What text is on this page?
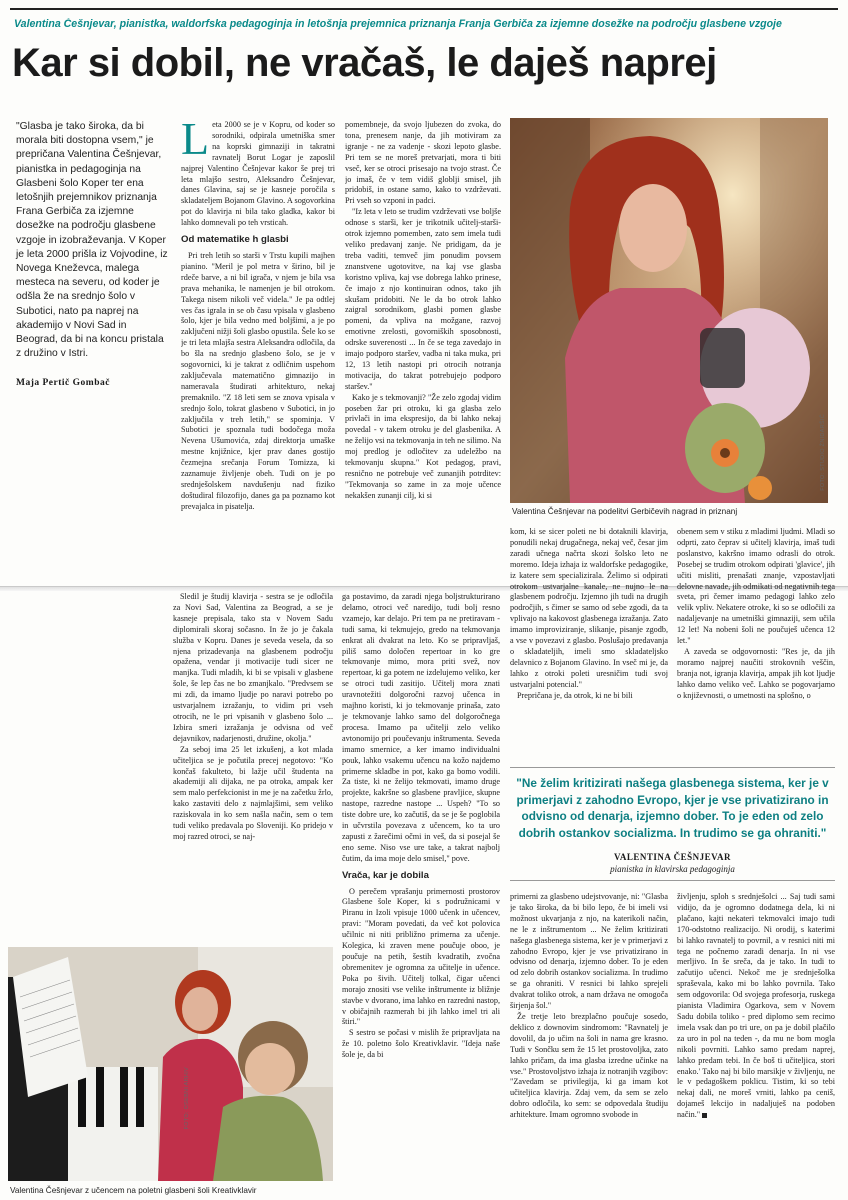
Valentina Češnjevar, pianistka, waldorfska pedagoginja in letošnja prejemnica priznanja Franja Gerbiča za izjemne dosežke na področju glasbene vzgoje
Kar si dobil, ne vračaš, le daješ naprej
"Glasba je tako široka, da bi morala biti dostopna vsem," je prepričana Valentina Češnjevar, pianistka in pedagoginja na Glasbeni šolo Koper ter ena letošnjih prejemnikov priznanja Frana Gerbiča za izjemne dosežke na področju glasbene vzgoje in izobraževanja. V Koper je leta 2000 prišla iz Vojvodine, iz Novega Kneževca, malega mesteca na severu, od koder je odšla že na srednjo šolo v Subotici, nato pa naprej na akademijo v Novi Sad in Beograd, da bi na koncu pristala z družino v Istri.
Maja Pertič Gombač

Leta 2000 se je v Kopru, od koder so sorodniki, odpirala umetniška smer na koprski gimnaziji in takratni ravnatelj Borut Logar je zaposlil najprej Valentino Češnjevar kakor še prej tri leta mlajšo sestro, Aleksandro Češnjevar, danes Glavina, saj se je kasneje poročila s skladateljem Bojanom Glavino. A sogovorkina pot do klavirja ni bila tako gladka, kakor bi lahko domnevali po teh vrsticah.

Od matematike h glasbi

Pri treh letih so starši v Trstu kupili majhen pianino. "Meril je pol metra v širino, bil je rdeče barve, a ni bil igrača, v njem je bila vsa prava mehanika, le namenjen je bil otrokom. Takega nisem nikoli več videla." Je pa odtlej ves čas igrala in se ob času vpisala v glasbeno šolo, kjer je bila vedno med boljšimi, a je po zaključeni nižji šoli glasbo opustila. Šele ko se je tri leta mlajša sestra Aleksandra odločila, da bo šla na srednjo glasbeno šolo, se je v sogovornici, ki je takrat z odličnim uspehom zaključevala matematično gimnazijo in nameravala študirati arhitekturo, nekaj premaknilo. "Z 18 leti sem se znova vpisala v srednjo šolo, tokrat glasbeno v Subotici, in jo zaključila v treh letih," se spominja. V Subotici je spoznala tudi bodočega moža Nevena Ušumovića, zdaj direktorja umaške mestne knjižnice, kjer prav danes gostijo čezmejna srečanja Forum Tomizza, ki zaznamuje življenje obeh. Tudi on je po srednješolskem navdušenju nad fiziko doštudiral filozofijo, danes ga pa poznamo kot prevajalca in pisatelja.

pomembneje, da svojo ljubezen do zvoka, do tona, prenesem nanje, da jih motiviram za igranje - ne za vadenje - skozi lepoto glasbe. Pri tem se ne moreš pretvarjati, mora ti biti vseč, ker se otroci prisesajo na tvojo strast. Če jo imaš, če v tem vidiš globlji smisel, jih pridobiš, in ostane samo, kako to vzdrževati. Pri vseh so vzponi in padci.

"Iz leta v leto se trudim vzdrževati vse boljše odnose s starši, ker je trikotnik učitelj-starši-otrok izjemno pomemben, zato sem imela tudi veliko predavanj zanje. Ne pridigam, da je treba vaditi, temveč jim ponudim povsem znanstvene ugotovitve, na kaj vse glasba koristno vpliva, kaj vse dobrega lahko prinese, če imajo z njo kontinuiran odnos, tako jih skušam pridobiti. Ne le da bo otrok lahko zaigral sorodnikom, glasbi pomen glasbe pomeni, da vpliva na možgane, razvoj emotivne zrelosti, govorniških sposobnosti, odrske suverenosti ... In če se tega zavedajo in imajo podporo staršev, vadba ni taka muka, pri 12, 13 letih nastopi pri otrocih notranja motivacija, do takrat potrebujejo podporo staršev."

Kako je s tekmovanji? "Že zelo zgodaj vidim poseben žar pri otroku, ki ga glasba zelo privlači in ima ekspresijo, da bi lahko nekaj povedal - v takem otroku je del glasbenika. A ne želijo vsi na tekmovanja in teh ne silimo. Na moj predlog je odločitev za udeležbo na tekmovanju skupna." Kot pedagog, pravi, resnično ne potrebuje več zunanjih potrditev: "Tekmovanja so zame in za moje učence nekakšen zunanji cilj, ki si

FOTO: STUDIO ŽNIDARŠIČ
Valentina Češnjevar na podelitvi Gerbičevih nagrad in priznanj

Sledil je študij klavirja - sestra se je odločila za Novi Sad, Valentina za Beograd, a se je kasneje prepisala, tako sta v Novem Sadu diplomirali skoraj sočasno. In že jo je čakala služba v Kopru. Danes je seveda vesela, da so njena prizadevanja na glasbenem področju opažena, vendar ji motivacije tudi sicer ne manjka. Tudi mladih, ki bi se vpisali v glasbene šole, še lep čas ne bo zmanjkalo. "Predvsem se mi zdi, da imamo ljudje po naravi potrebo po ustvarjalnem izražanju, to vidim pri vseh otrocih, ne le pri vpisanih v glasbeno šolo ... Izbira smeri izražanja je odvisna od več dejavnikov, nadarjenosti, družine, okolja."

Za seboj ima 25 let izkušenj, a kot mlada učiteljica se je počutila precej negotovo: "Ko končaš fakulteto, bi lažje učil študenta na akademiji ali dijaka, ne pa otroka, ampak ker sem malo perfekcionist in me je na začetku žrlo, kako zastaviti delo z najmlajšimi, sem veliko raziskovala in ko sem našla način, sem o tem tudi veliko predavala po Sloveniji. Ko pridejo v moj razred otroci, se naj-

ga postavimo, da zaradi njega boljstrukturirano delamo, otroci več naredijo, tudi bolj resno vzamejo, kar delajo. Pri tem pa ne pretiravam - tudi sama, ki tekmujejo, gredo na tekmovanja enkrat ali dvakrat na leto. Ko se pripravljaš, piliš samo določen repertoar in ko gre tekmovanje mimo, mora priti svež, nov repertoar, ki ga potem ne izdelujemo veliko, ker se otroci tudi zasitijo. Učitelj mora znati uravnotežiti dolgoročni razvoj učenca in majhno koristi, ki jo tekmovanje prinaša, zato je tekmovanje lahko samo del dolgoročnega procesa. Imamo pa učitelji zelo veliko avtonomijo pri poučevanju inštrumenta. Seveda imamo smernice, a ker imamo individualni pouk, lahko vsakemu učencu na kožo najdemo primerne skladbe in pot, kako ga bomo vodili. Za tiste, ki ne želijo tekmovati, imamo druge projekte, kakršne so glasbene pravljice, skupne nastope, razredne nastope ... Uspeh? "To so tiste dobre ure, ko začutiš, da se je še poglobila in učvrstila povezava z učencem, ko ta uro zapusti z žarečimi očmi in veš, da si posejal še eno seme. Niso vse ure take, a takrat najbolj čutim, da ima moje delo smisel," pove.

Vrača, kar je dobila

O perečem vprašanju primernosti prostorov Glasbene šole Koper, ki s podružnicami v Piranu in Izoli vpisuje 1000 učenk in učencev, pravi: "Moram povedati, da več kot polovica učilnic ni niti približno primerna za učenje. Kolegica, ki zraven mene poučuje oboo, je poučuje na petih, šestih kvadratih, zvočna obremenitev je ogromna za učitelje in učence. Poka po šivih. Učitelj tolkal, čigar učenci morajo znositi vse velike inštrumente iz bližnje stavbe v dvorano, ima lahko en razredni nastop, v običajnih razmerah bi jih lahko imel tri ali štiri."

S sestro se počasi v mislih že pripravljata na že 10. poletno šolo Kreativklavir. "Ideja naše šole je, da bi

kom, ki se sicer poleti ne bi dotaknili klavirja, ponudili nekaj drugačnega, nekaj več, česar jim zaradi učnega načrta skozi šolsko leto ne moremo. Ideja izhaja iz waldorfske pedagogike, iz katere sem specializirala. Želimo si odpirati otrokom ustvarjalne kanale, ne nujno le na glasbenem področju. Izjemno jih tudi na drugih področjih, s čimer se samo od sebe zgodi, da ta vplivajo na kakovost glasbenega izražanja. Zato imamo improviziranje, slikanje, pisanje zgodb, a vse v povezavi z glasbo. Poslušajo predavanja o skladateljih, imeli smo skladateljsko delavnico z Bojanom Glavino. In vseč mi je, da lahko z otroki poleti uresničim tudi svoj ustvarjalni potencial."

Prepričana je, da otrok, ki ne bi bili

obenem sem v stiku z mladimi ljudmi. Mladi so odprti, zato čeprav si učitelj klavirja, imaš tudi poslanstvo, kakršno imamo odrasli do otrok. Posebej se trudim otrokom odpirati 'glavice', jih učiti misliti, prenašati znanje, vzpostavljati delovne navade, jih odmikati od negativnih tega sveta, pri čemer imamo pedagogi lahko zelo velik vpliv. Nekatere otroke, ki so se odločili za nadaljevanje na umetniški gimnaziji, sem učila 12 let! Na nobeni šoli ne poučuješ učenca 12 let."

A zaveda se odgovornosti: "Res je, da jih moramo najprej naučiti strokovnih veščin, branja not, igranja klavirja, ampak jih kot ljudje lahko damo veliko več. Lahko se pogovarjamo o književnosti, o umetnosti na splošno, o

"Ne želim kritizirati našega glasbenega sistema, ker je v primerjavi z zahodno Evropo, kjer je vse privatizirano in odvisno od denarja, izjemno dober. To je eden od zelo dobrih ostankov socializma. In trudimo se ga ohraniti."
VALENTINA ČEŠNJEVAR
pianistka in klavirska pedagoginja

primerni za glasbeno udejstvovanje, ni: "Glasba je tako široka, da bi bilo lepo, če bi imeli vsi možnost ukvarjanja z njo, na katerikoli način, ne le z inštrumentom ... Ne želim kritizirati našega glasbenega sistema, ker je v primerjavi z zahodno Evropo, kjer je vse privatizirano in odvisno od denarja, izjemno dober. To je eden od zelo dobrih ostankov socializma. In trudimo se ga ohraniti. V resnici bi lahko sprejeli dvakrat toliko otrok, a nam država ne omogoča širjenja šol."

Že tretje leto brezplačno poučuje sosedo, deklico z downovim sindromom: "Ravnatelj je dovolil, da jo učim na šoli in nama gre krasno. Tudi v Sončku sem že 15 let prostovoljka, zato lahko pričam, da ima glasba izredne učinke na vse." Prostovoljstvo izhaja iz notranjih vzgibov: "Zavedam se privilegija, ki ga imam kot učiteljica klavirja. Zdaj vem, da sem se zelo dobro odločila, ko sem: se odpovedala študiju arhitekture. Imam ogromno svobode in

življenju, sploh s srednješolci ... Saj tudi sami vidijo, da je ogromno dodatnega dela, ki ni plačano, kajti nekateri tekmovalci imajo tudi 170-odstotno realizacijo. Ni orodij, s katerimi bi lahko ravnatelj to povrnil, a v resnici niti mi tega ne počnemo zaradi denarja. In ni vse merljivo. In še sreča, da je tako. In tudi to začutijo učenci. Nekoč me je srednješolka spraševala, kako mi bo lahko povrnila. Tako sem odgovorila: Od svojega profesorja, ruskega pianista Vladimira Ogarkova, sem v Novem Sadu dobila toliko - pred diplomo sem recimo imela vsak dan po tri ure, on pa je dobil plačilo za uro in pol na teden -, da mu ne bom mogla nikoli povrniti. Lahko samo predam naprej, lahko predam tebi. In če boš ti učiteljica, stori enako.' Tako naj bi bilo marsikje v življenju, ne le v pedagoškem poklicu. Tistim, ki so tebi nekaj dali, ne moreš vrniti, lahko pa ceniš, dojameš lekcijo in nadaljuješ na podoben način."

FOTO: OSEBNI ARHIV
Valentina Češnjevar z učencem na poletni glasbeni šoli Kreativklavir
